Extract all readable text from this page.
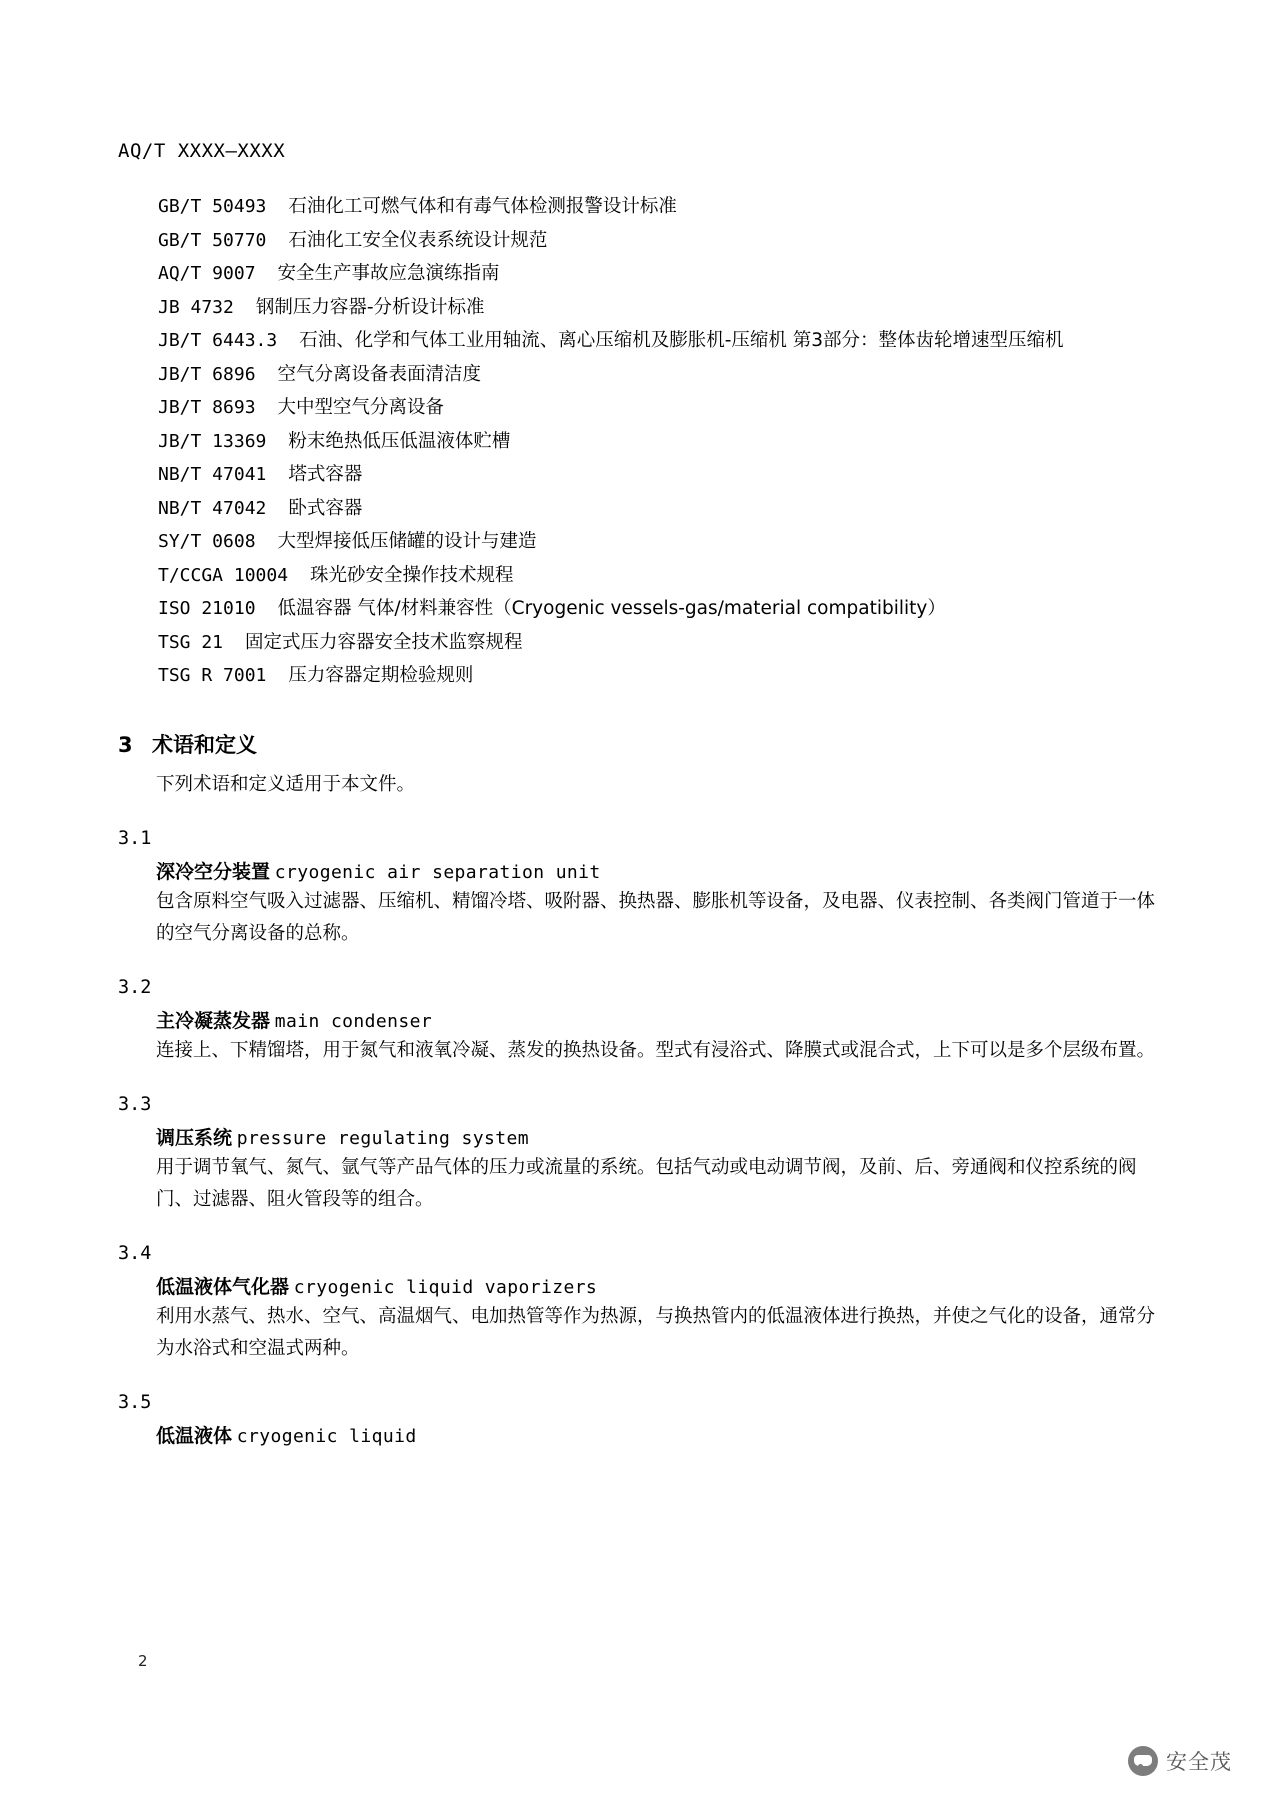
AQ/T XXXX—XXXX
GB/T 50493 石油化工可燃气体和有毒气体检测报警设计标准
GB/T 50770 石油化工安全仪表系统设计规范
AQ/T 9007 安全生产事故应急演练指南
JB 4732 钢制压力容器-分析设计标准
JB/T 6443.3 石油、化学和气体工业用轴流、离心压缩机及膨胀机-压缩机 第3部分：整体齿轮增速型压缩机
JB/T 6896 空气分离设备表面清洁度
JB/T 8693 大中型空气分离设备
JB/T 13369 粉末绝热低压低温液体贮槽
NB/T 47041 塔式容器
NB/T 47042 卧式容器
SY/T 0608 大型焊接低压储罐的设计与建造
T/CCGA 10004 珠光砂安全操作技术规程
ISO 21010 低温容器 气体/材料兼容性（Cryogenic vessels-gas/material compatibility）
TSG 21 固定式压力容器安全技术监察规程
TSG R 7001 压力容器定期检验规则
3 术语和定义
下列术语和定义适用于本文件。
3.1
深冷空分装置 cryogenic air separation unit
包含原料空气吸入过滤器、压缩机、精馏冷塔、吸附器、换热器、膨胀机等设备，及电器、仪表控制、各类阀门管道于一体的空气分离设备的总称。
3.2
主冷凝蒸发器 main condenser
连接上、下精馏塔，用于氮气和液氧冷凝、蒸发的换热设备。型式有浸浴式、降膜式或混合式，上下可以是多个层级布置。
3.3
调压系统 pressure regulating system
用于调节氧气、氮气、氩气等产品气体的压力或流量的系统。包括气动或电动调节阀，及前、后、旁通阀和仪控系统的阀门、过滤器、阻火管段等的组合。
3.4
低温液体气化器 cryogenic liquid vaporizers
利用水蒸气、热水、空气、高温烟气、电加热管等作为热源，与换热管内的低温液体进行换热，并使之气化的设备，通常分为水浴式和空温式两种。
3.5
低温液体 cryogenic liquid
2
安全茂
